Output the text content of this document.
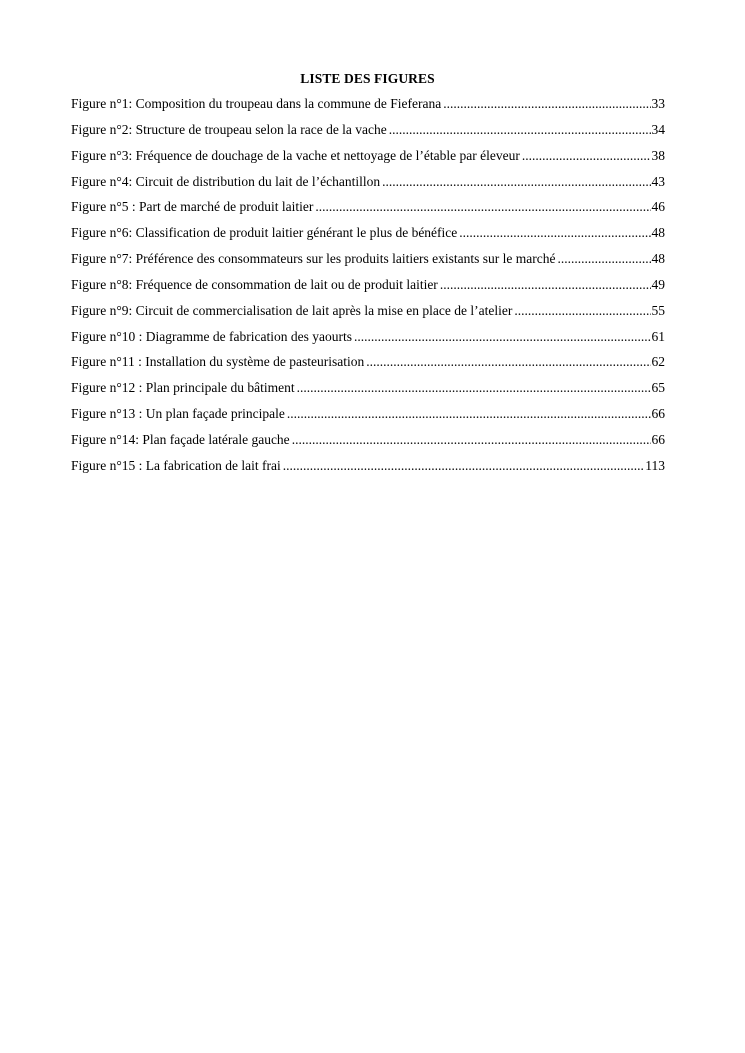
LISTE DES FIGURES
Figure n°1: Composition du troupeau dans la commune de Fieferana .....	33
Figure n°2: Structure de troupeau selon la race de la vache .....	34
Figure n°3: Fréquence de douchage de la vache et nettoyage de l’étable par éleveur .....	38
Figure n°4: Circuit de distribution du lait de l’échantillon .....	43
Figure n°5 : Part de marché de produit laitier .....	46
Figure n°6: Classification de produit laitier générant le plus de bénéfice .....	48
Figure n°7: Préférence des consommateurs sur les produits laitiers existants sur le marché .....	48
Figure n°8: Fréquence de consommation de lait ou de produit laitier .....	49
Figure n°9: Circuit de commercialisation de lait après la mise en place de l’atelier .....	55
Figure n°10 : Diagramme de fabrication des yaourts .....	61
Figure n°11 : Installation du système de pasteurisation .....	62
Figure n°12 : Plan principale du bâtiment .....	65
Figure n°13 : Un plan façade principale .....	66
Figure n°14: Plan façade latérale gauche .....	66
Figure n°15 : La fabrication de lait frai .....	113
